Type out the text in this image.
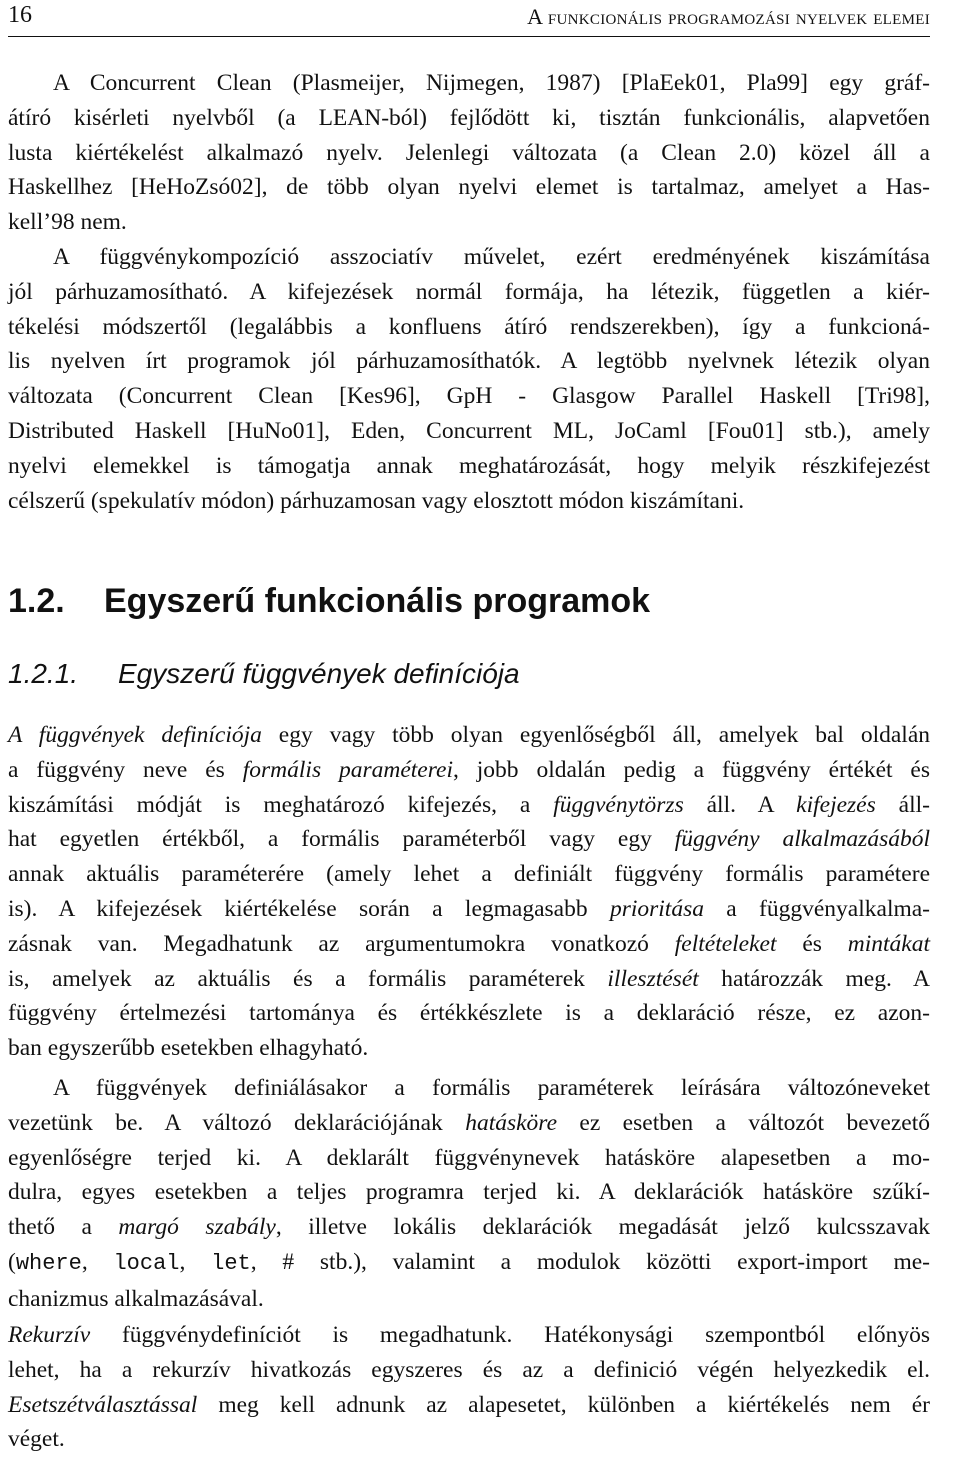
16	A funkcionális programozási nyelvek elemei
A Concurrent Clean (Plasmeijer, Nijmegen, 1987) [PlaEek01, Pla99] egy gráf-
átíró kisérleti nyelvből (a LEAN-ból) fejlődött ki, tisztán funkcionális, alapvetően
lusta kiértékelést alkalmazó nyelv. Jelenlegi változata (a Clean 2.0) közel áll a
Haskellhez [HeHoZsó02], de több olyan nyelvi elemet is tartalmaz, amelyet a Has-
kell’98 nem.
A függvénykompozíció asszociatív művelet, ezért eredményének kiszámítása
jól párhuzamosítható. A kifejezések normál formája, ha létezik, független a kiér-
tékelési módszertől (legalábbis a konfluens átíró rendszerekben), így a funkcioná-
lis nyelven írt programok jól párhuzamosíthatók. A legtöbb nyelvnek létezik olyan
változata (Concurrent Clean [Kes96], GpH - Glasgow Parallel Haskell [Tri98],
Distributed Haskell [HuNo01], Eden, Concurrent ML, JoCaml [Fou01] stb.), amely
nyelvi elemekkel is támogatja annak meghatározását, hogy melyik részkifejezést
célszerű (spekulatív módon) párhuzamosan vagy elosztott módon kiszámítani.
1.2. Egyszerű funkcionális programok
1.2.1. Egyszerű függvények definíciója
A függvények definíciója egy vagy több olyan egyenlőségből áll, amelyek bal oldalán
a függvény neve és formális paraméterei, jobb oldalán pedig a függvény értékét és
kiszámítási módját is meghatározó kifejezés, a függvénytörzs áll. A kifejezés áll-
hat egyetlen értékből, a formális paraméterből vagy egy függvény alkalmazásából
annak aktuális paraméterére (amely lehet a definiált függvény formális paramétere
is). A kifejezések kiértékelése során a legmagasabb prioritása a függvényalkalma-
zásnak van. Megadhatunk az argumentumokra vonatkozó feltételeket és mintákat
is, amelyek az aktuális és a formális paraméterek illesztését határozzák meg. A
függvény értelmezési tartománya és értékkészlete is a deklaráció része, ez azon-
ban egyszerűbb esetekben elhagyható.
A függvények definiálásakor a formális paraméterek leírására változóneveket
vezetünk be. A változó deklarációjának hatásköre ez esetben a változót bevezető
egyenlőségre terjed ki. A deklarált függvénynevek hatásköre alapesetben a mo-
dulra, egyes esetekben a teljes programra terjed ki. A deklarációk hatásköre szűkí-
thető a margó szabály, illetve lokális deklarációk megadását jelző kulcsszavak
(where, local, let, # stb.), valamint a modulok közötti export-import me-
chanizmus alkalmazásával.
Rekurzív függvénydefiníciót is megadhatunk. Hatékonysági szempontból előnyös
lehet, ha a rekurzív hivatkozás egyszeres és az a definició végén helyezkedik el.
Esetszétválasztással meg kell adnunk az alapesetet, különben a kiértékelés nem ér
véget.
